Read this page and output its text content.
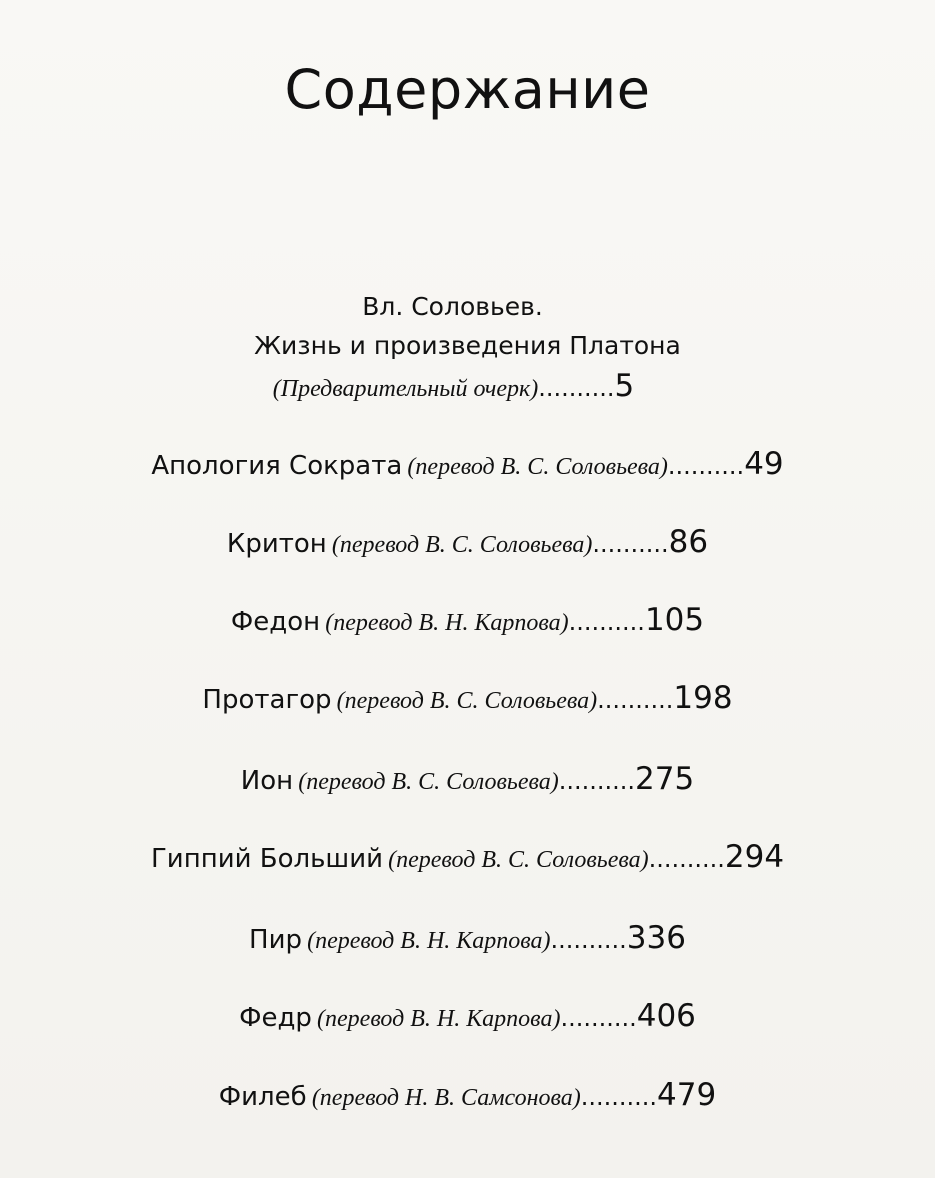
Содержание
Вл. Соловьев.
Жизнь и произведения Платона
(Предварительный очерк)..........5
Апология Сократа (перевод В. С. Соловьева)..........49
Критон (перевод В. С. Соловьева)..........86
Федон (перевод В. Н. Карпова)..........105
Протагор (перевод В. С. Соловьева)..........198
Ион (перевод В. С. Соловьева)..........275
Гиппий Больший (перевод В. С. Соловьева)..........294
Пир (перевод В. Н. Карпова)..........336
Федр (перевод В. Н. Карпова)..........406
Филеб (перевод Н. В. Самсонова)..........479
